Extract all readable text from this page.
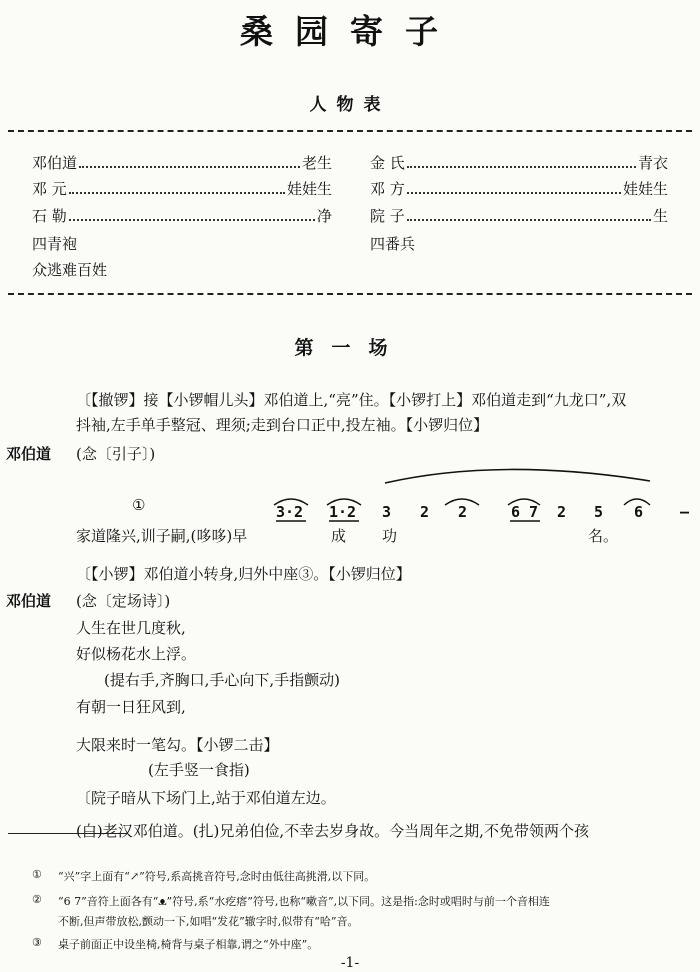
桑园寄子
人物表
邓伯道	老生	金 氏	青衣
邓 元	娃娃生	邓 方	娃娃生
石 勒	净	院 子	生
四青袍	四番兵
众逃难百姓
第一场
〔【撤锣】接【小锣帽儿头】邓伯道上,“亮”住。【小锣打上】邓伯道走到“九龙口”,双
抖袖,左手单手整冠、理须;走到台口正中,投左袖。【小锣归位】
邓伯道 (念〔引子〕)
①	3·2 1·2 3 2 2	6 7 2 5 6 —
家道隆兴,训子嗣,(哆哆)早	成 功	名。
〔【小锣】邓伯道小转身,归外中座③。【小锣归位】
邓伯道 (念〔定场诗〕)
人生在世几度秋,
好似杨花水上浮。
(提右手,齐胸口,手心向下,手指颤动)
有朝一日狂风到,
大限来时一笔勾。【小锣二击】
(左手竖一食指)
〔院子暗从下场门上,站于邓伯道左边。
(白)老汉邓伯道。(扎)兄弟伯俭,不幸去岁身故。今当周年之期,不免带领两个孩
① “兴”字上面有“↗”符号,系高挑音符号,念时由低往高挑滑,以下同。
② “6 7”音符上面各有“ᴥ”符号,系“水疙瘩”符号,也称“嗽音”,以下同。这是指:念时或唱时与前一个音相连
不断,但声带放松,颤动一下,如唱“发花”辙字时,似带有“哈”音。
③ 桌子前面正中设坐椅,椅背与桌子相靠,谓之“外中座”。
-1-
